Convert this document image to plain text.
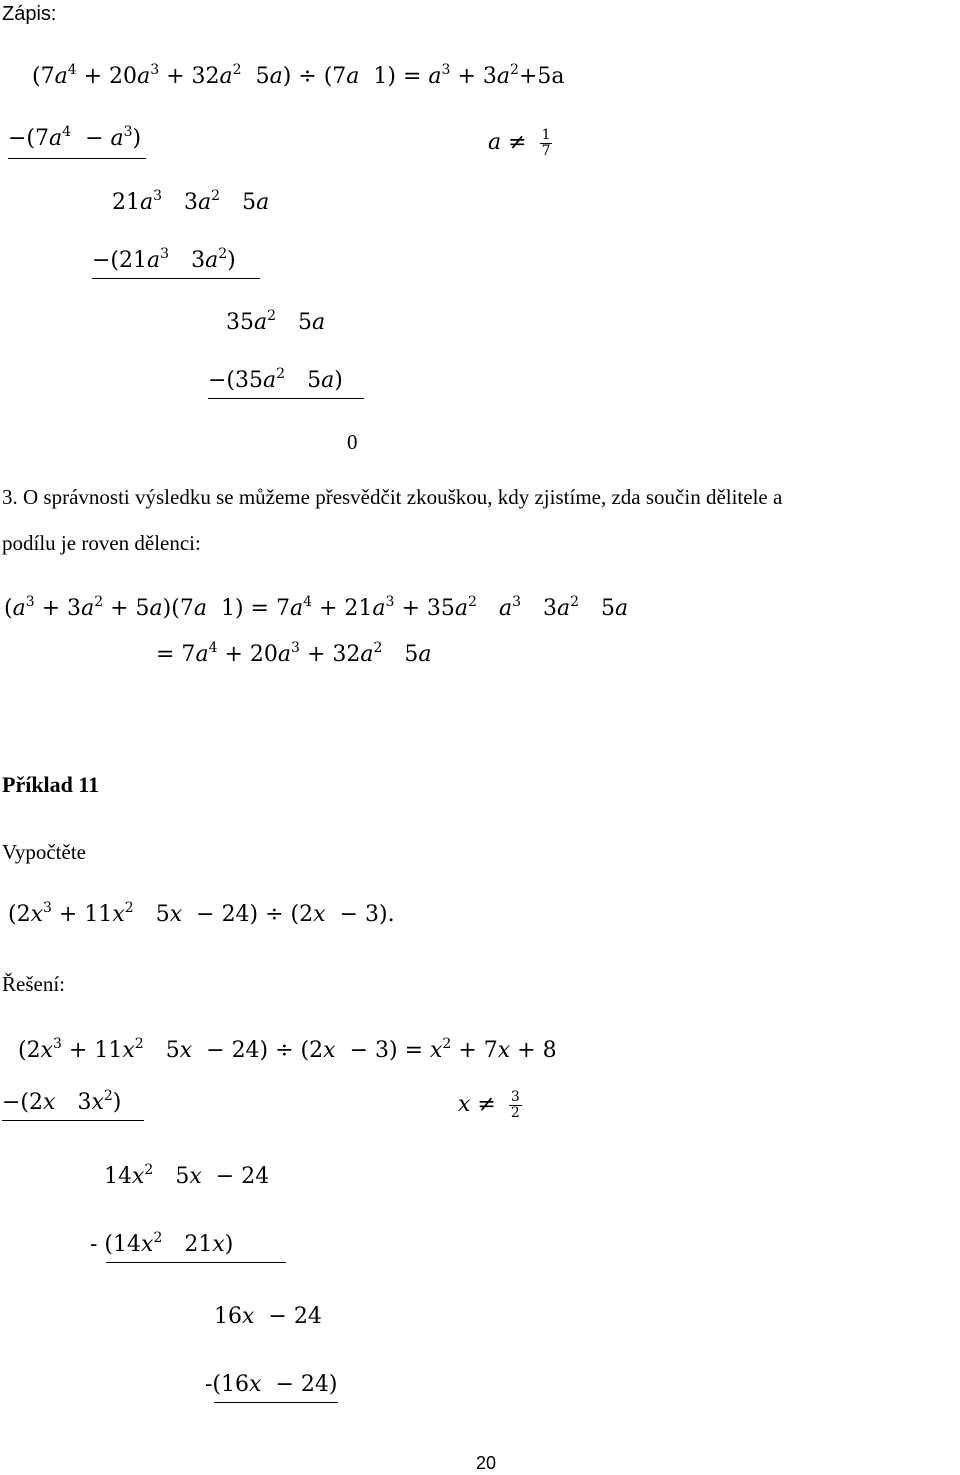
Zápis:
($7a^4 + 20a^3 + 32a^2$ 5a) ÷ (7a $1) = a^3 + 3a^2+5a$
$-(7a^4 - a^3)$	$a \ne \frac{1}{7}$
$21a^3$ $3a^2$ 5a
$-(21a^3$ $3a^2$)
$35a^2$ 5a
$-(35a^2$ 5a)
0
3. O správnosti výsledku se můžeme přesvědčit zkouškou, kdy zjistíme, zda součin dělitele a
podílu je roven dělenci:
$(a^3 + 3a^2 + 5a)(7a$ $1) = 7a^4 + 21a^3 + 35a^2$ $a^3$ $3a^2$ 5a
= $7a^4 + 20a^3 + 32a^2$ 5a
Příklad 11
Vypočtěte
($2x^3 + 11x^2$ 5x − 24) ÷ (2x − 3).
Řešení:
($2x^3 + 11x^2$ $5x - 24) \div (2x - 3) = x^2 + 7x + 8$
−(2x $3x^2$)	$x \ne \frac{3}{2}$
$14x^2$ 5x − 24
- ($14x^2$ 21x)
16x − 24
-(16x − 24)
20
